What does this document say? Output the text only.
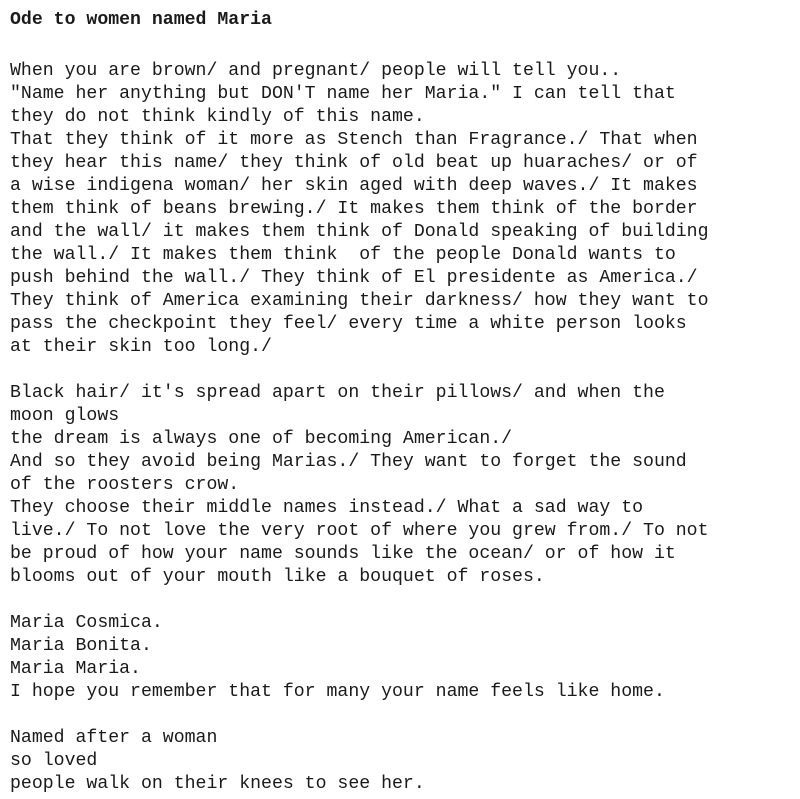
Ode to women named Maria
When you are brown/ and pregnant/ people will tell you..
"Name her anything but DON'T name her Maria." I can tell that
they do not think kindly of this name.
That they think of it more as Stench than Fragrance./ That when
they hear this name/ they think of old beat up huaraches/ or of
a wise indigena woman/ her skin aged with deep waves./ It makes
them think of beans brewing./ It makes them think of the border
and the wall/ it makes them think of Donald speaking of building
the wall./ It makes them think  of the people Donald wants to
push behind the wall./ They think of El presidente as America./
They think of America examining their darkness/ how they want to
pass the checkpoint they feel/ every time a white person looks
at their skin too long./
Black hair/ it's spread apart on their pillows/ and when the
moon glows
the dream is always one of becoming American./
And so they avoid being Marias./ They want to forget the sound
of the roosters crow.
They choose their middle names instead./ What a sad way to
live./ To not love the very root of where you grew from./ To not
be proud of how your name sounds like the ocean/ or of how it
blooms out of your mouth like a bouquet of roses.
Maria Cosmica.
Maria Bonita.
Maria Maria.
I hope you remember that for many your name feels like home.
Named after a woman
so loved
people walk on their knees to see her.
